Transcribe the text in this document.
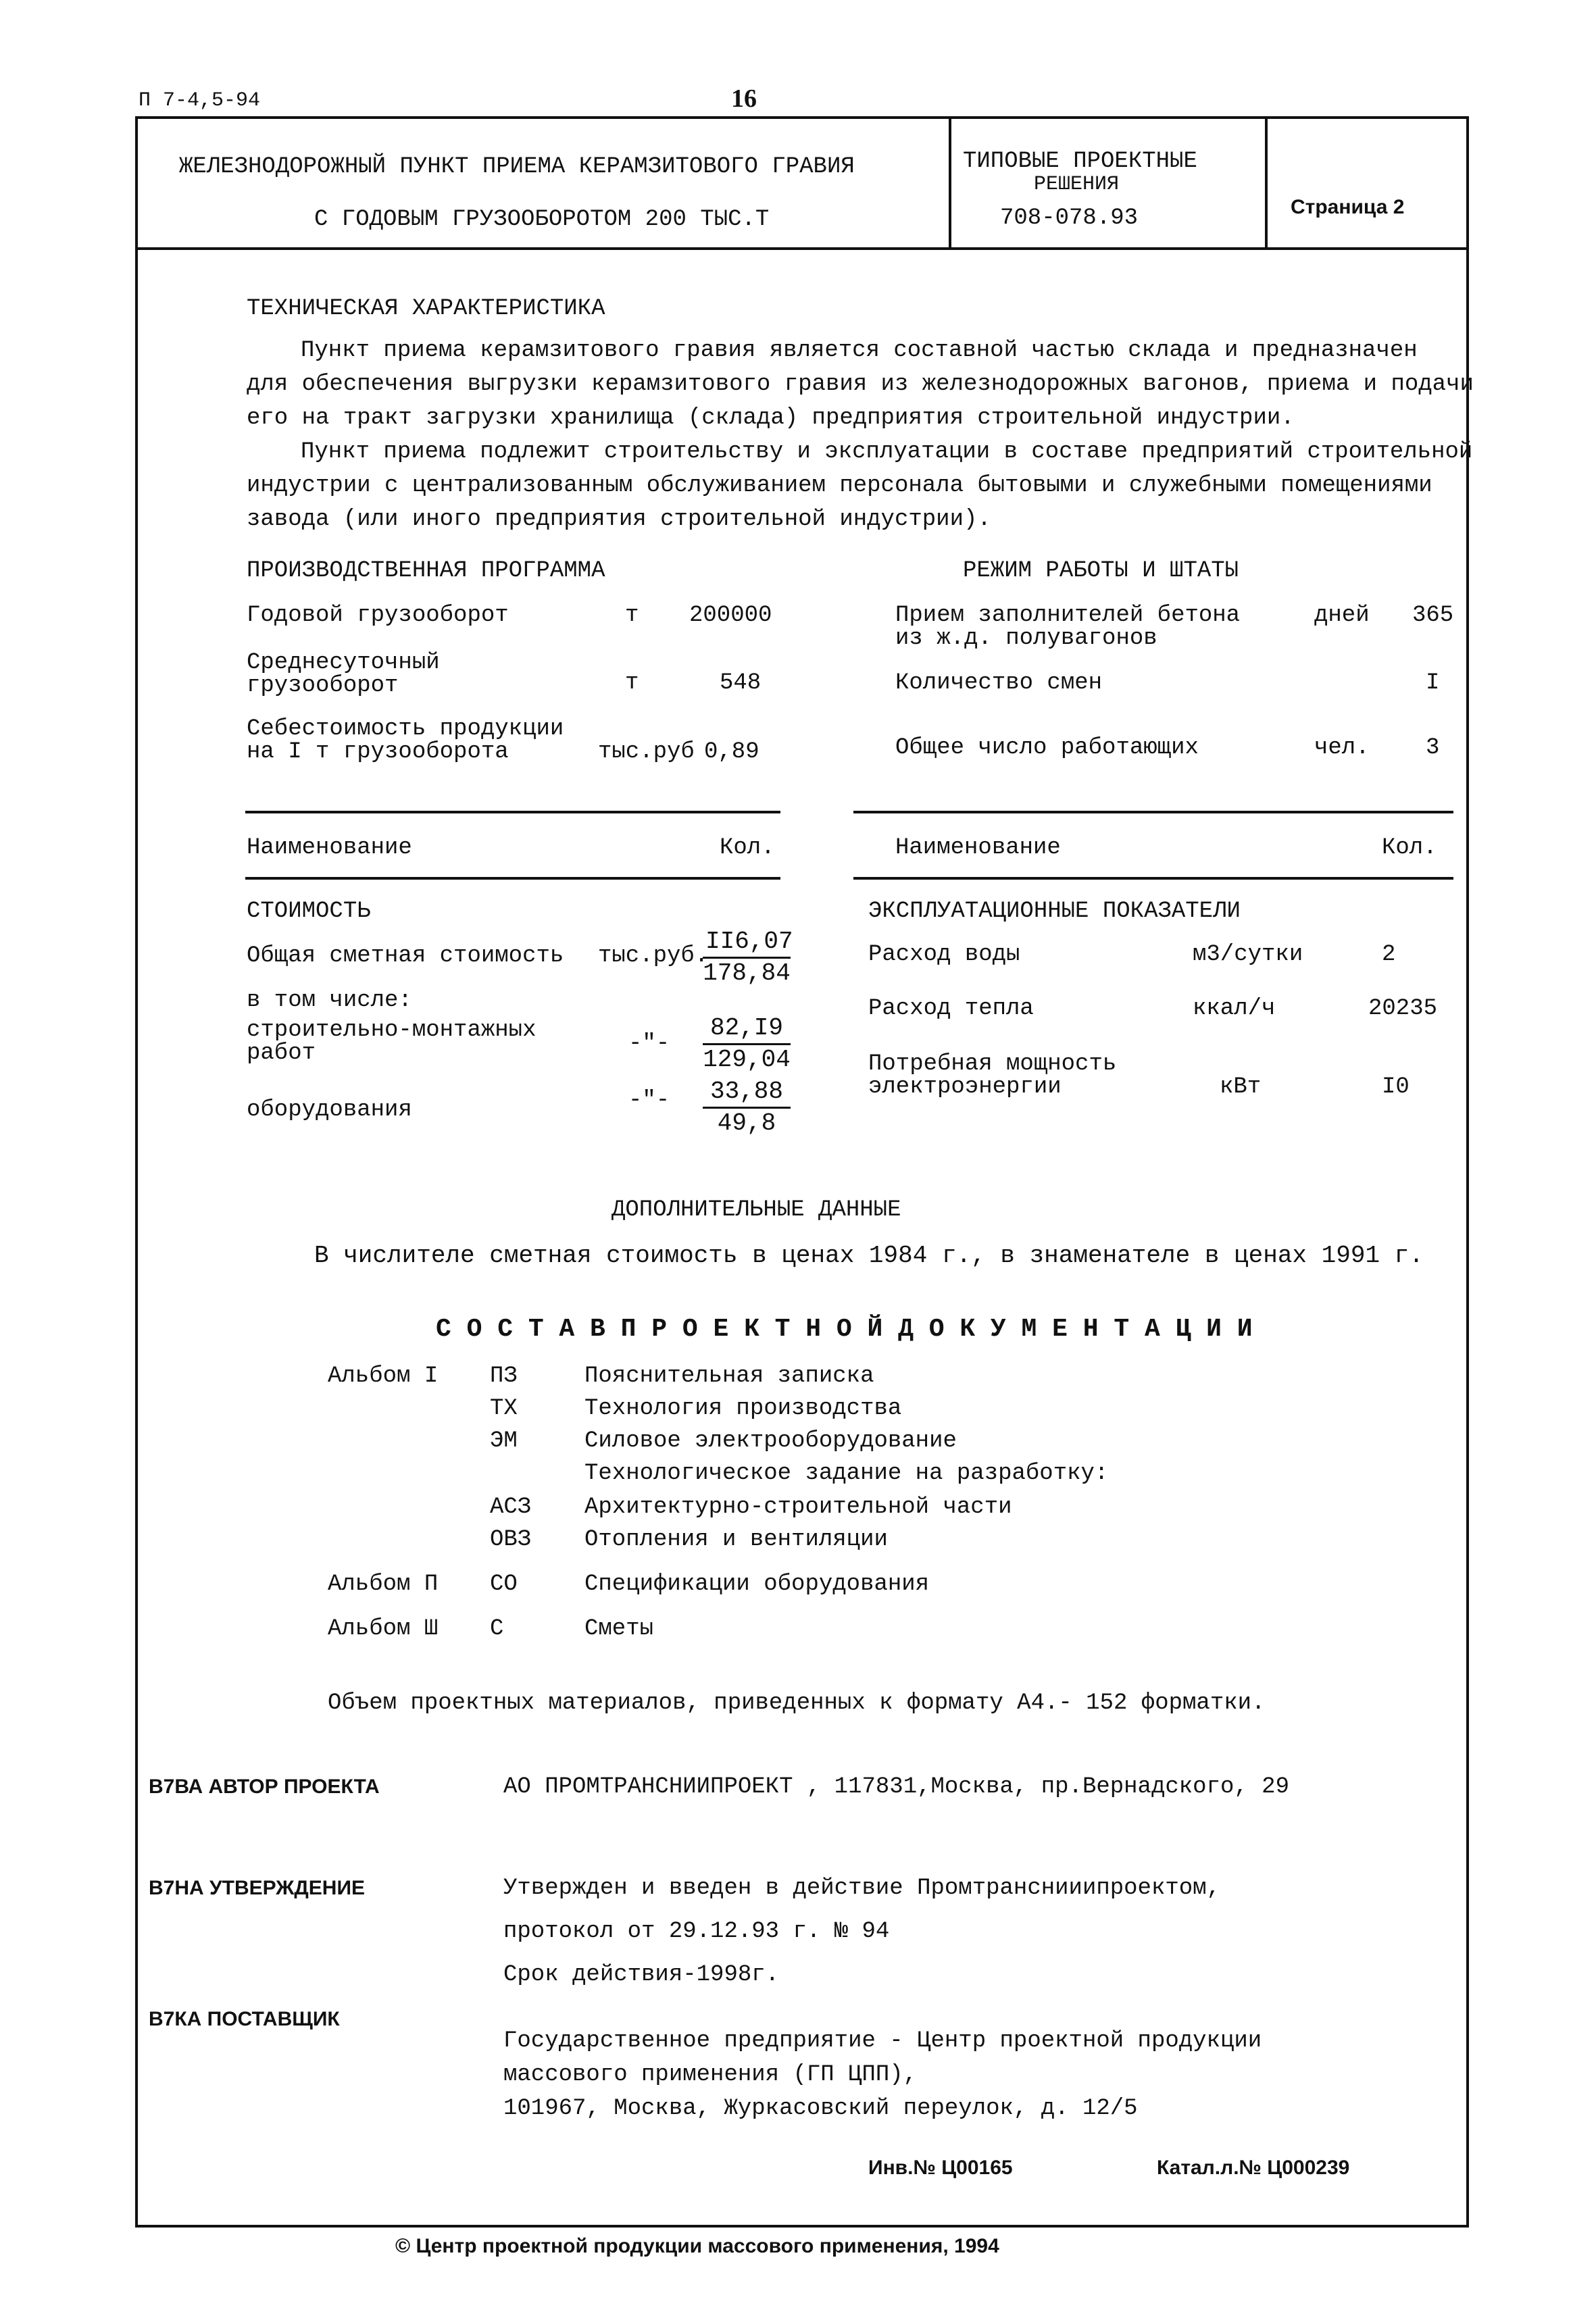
П 7-4,5-94	16
ЖЕЛЕЗНОДОРОЖНЫЙ ПУНКТ ПРИЕМА КЕРАМЗИТОВОГО ГРАВИЯ
С ГОДОВЫМ ГРУЗООБОРОТОМ 200 ТЫС.Т
ТИПОВЫЕ ПРОЕКТНЫЕ
РЕШЕНИЯ
708-078.93	Страница 2
ТЕХНИЧЕСКАЯ ХАРАКТЕРИСТИКА
Пункт приема керамзитового гравия является составной частью склада и предназначен
для обеспечения выгрузки керамзитового гравия из железнодорожных вагонов, приема и подачи
его на тракт загрузки хранилища (склада) предприятия строительной индустрии.
Пункт приема подлежит строительству и эксплуатации в составе предприятий строительной
индустрии с централизованным обслуживанием персонала бытовыми и служебными помещениями
завода (или иного предприятия строительной индустрии).
ПРОИЗВОДСТВЕННАЯ ПРОГРАММА
Годовой грузооборот	т 200000
Среднесуточный
грузооборот	т	548
Себестоимость продукции
на I т грузооборота	тыс.руб 0,89
РЕЖИМ РАБОТЫ И ШТАТЫ
Прием заполнителей бетона
из ж.д. полувагонов
дней 365
Количество смен	I
Общее число работающих	чел. 3
Наименование	Кол.
СТОИМОСТЬ
Общая сметная стоимость тыс.руб.
$\frac{II6,07}{178,84}$
в том числе:
строительно-монтажных
работ	-"- $\frac{82,I9}{129,04}$
оборудования	-"- $\frac{33,88}{49,8}$
Наименование	Кол.
ЭКСПЛУАТАЦИОННЫЕ ПОКАЗАТЕЛИ
Расход воды	м3/сутки	2
Расход тепла	ккал/ч	20235
Потребная мощность
электроэнергии	кВт	I0
ДОПОЛНИТЕЛЬНЫЕ ДАННЫЕ
В числителе сметная стоимость в ценах 1984 г., в знаменателе в ценах 1991 г.
С О С Т А В П Р О Е К Т Н О Й Д О К У М Е Н Т А Ц И И
Альбом I ПЗ	Пояснительная записка
ТХ	Технология производства
ЭМ	Силовое электрооборудование
Технологическое задание на разработку:
АСЗ Архитектурно-строительной части
ОВЗ Отопления и вентиляции
Альбом П СО	Спецификации оборудования
Альбом Ш С	Сметы
Объем проектных материалов, приведенных к формату А4.- 152 форматки.
В7ВА АВТОР ПРОЕКТА	АО ПРОМТРАНСНИИПРОЕКТ , 117831,Москва, пр.Вернадского, 29
В7НА УТВЕРЖДЕНИЕ	Утвержден и введен в действие Промтранснииипроектом,
протокол от 29.12.93 г. № 94
Срок действия-1998г.
В7КА ПОСТАВЩИК
Государственное предприятие - Центр проектной продукции
массового применения (ГП ЦПП),
101967, Москва, Журкасовский переулок, д. 12/5
Инв.№ Ц00165	Катал.л.№ Ц000239
© Центр проектной продукции массового применения, 1994
